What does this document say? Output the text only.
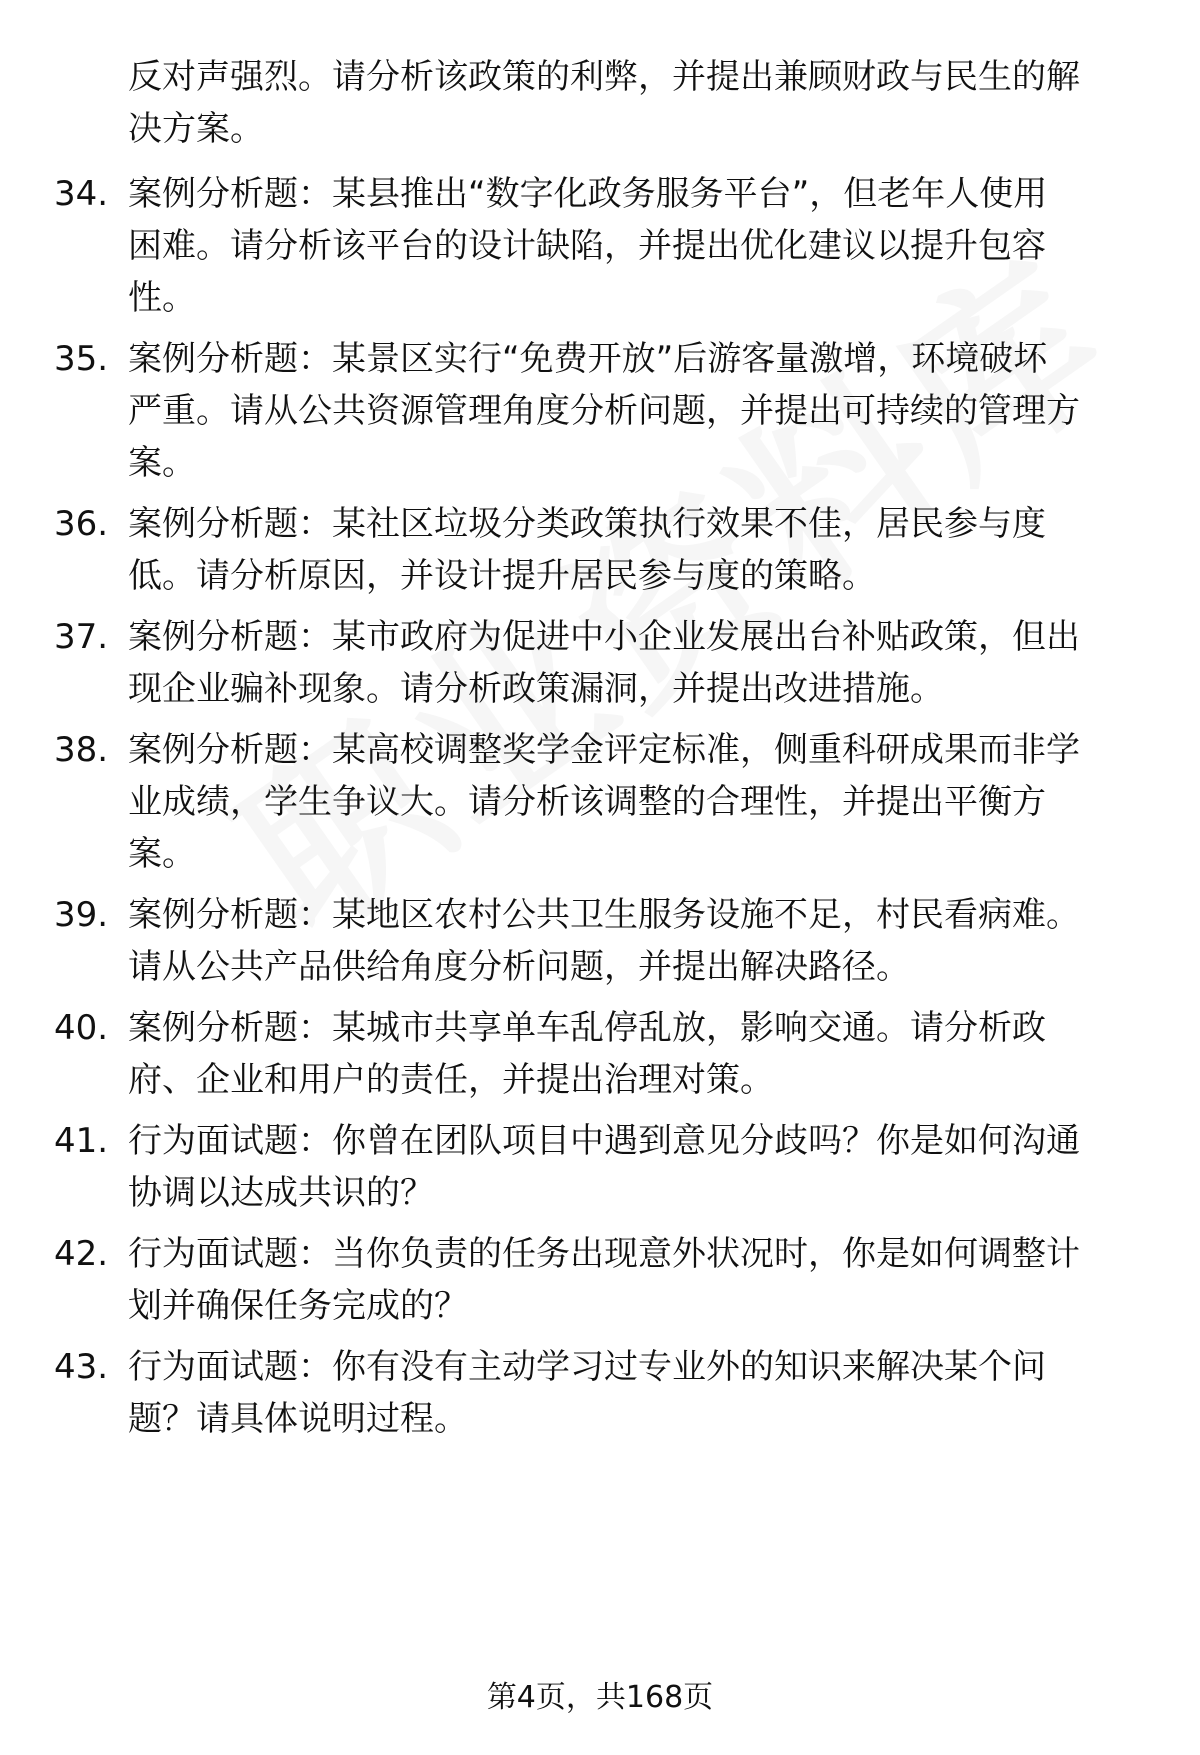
反对声强烈。请分析该政策的利弊，并提出兼顾财政与民生的解
决方案。
34. 案例分析题：某县推出“数字化政务服务平台”，但老年人使用
困难。请分析该平台的设计缺陷，并提出优化建议以提升包容
性。
35. 案例分析题：某景区实行“免费开放”后游客量激增，环境破坏
严重。请从公共资源管理角度分析问题，并提出可持续的管理方
案。
36. 案例分析题：某社区垃圾分类政策执行效果不佳，居民参与度
低。请分析原因，并设计提升居民参与度的策略。
37. 案例分析题：某市政府为促进中小企业发展出台补贴政策，但出
现企业骗补现象。请分析政策漏洞，并提出改进措施。
38. 案例分析题：某高校调整奖学金评定标准，侧重科研成果而非学
业成绩，学生争议大。请分析该调整的合理性，并提出平衡方
案。
39. 案例分析题：某地区农村公共卫生服务设施不足，村民看病难。
请从公共产品供给角度分析问题，并提出解决路径。
40. 案例分析题：某城市共享单车乱停乱放，影响交通。请分析政
府、企业和用户的责任，并提出治理对策。
41. 行为面试题：你曾在团队项目中遇到意见分歧吗？你是如何沟通
协调以达成共识的？
42. 行为面试题：当你负责的任务出现意外状况时，你是如何调整计
划并确保任务完成的？
43. 行为面试题：你有没有主动学习过专业外的知识来解决某个问
题？请具体说明过程。
第4页，共168页
